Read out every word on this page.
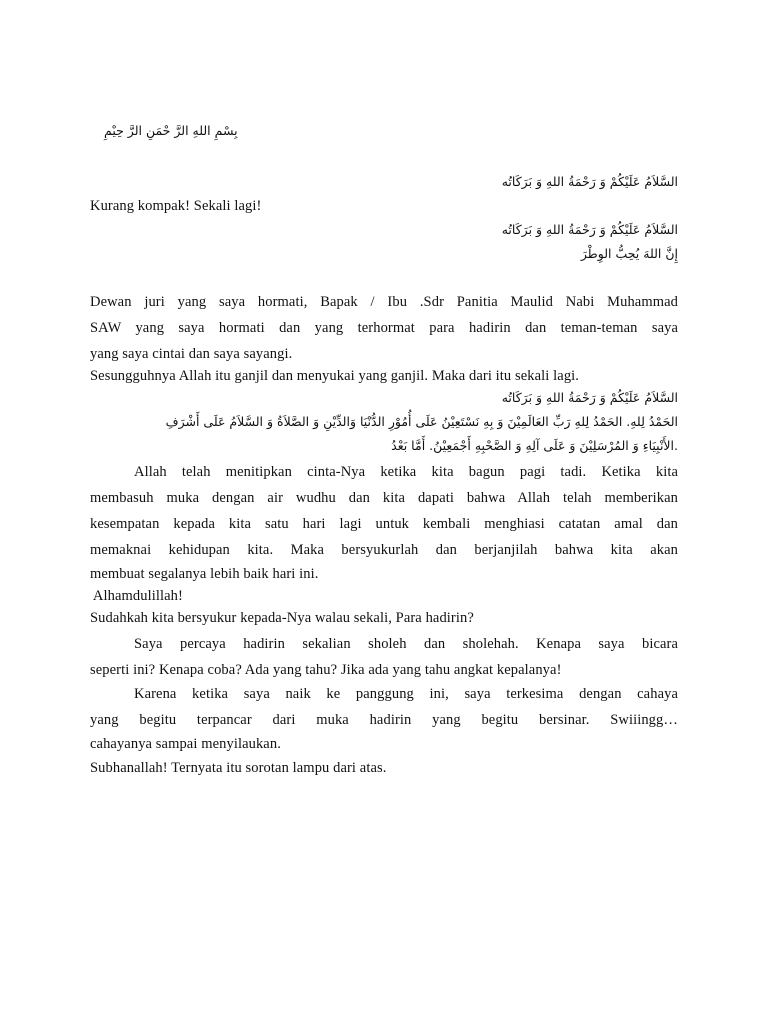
بِسْمِ اللهِ الرَّ حْمَنِ الرَّ حِيْمِ
السَّلاَمُ عَلَيْكُمْ وَ رَحْمَةُ اللهِ وَ بَرَكَاتُه
Kurang kompak! Sekali lagi!
السَّلاَمُ عَلَيْكُمْ وَ رَحْمَةُ اللهِ وَ بَرَكَاتُه
إِنَّ اللهَ يُحِبُّ الوِطْرَ
Dewan juri yang saya hormati, Bapak / Ibu .Sdr Panitia Maulid Nabi Muhammad
SAW yang saya hormati dan yang terhormat para hadirin dan teman-teman saya
yang saya cintai dan saya sayangi.
Sesungguhnya Allah itu ganjil dan menyukai yang ganjil. Maka dari itu sekali lagi.
السَّلاَمُ عَلَيْكُمْ وَ رَحْمَةُ اللهِ وَ بَرَكَاتُه
الحَمْدُ لِلهِ. الحَمْدُ لِلهِ رَبِّ العَالَمِيْنَ وَ بِهِ نَسْتَعِيْنُ عَلَى أُمُوْرِ الدُّنْيَا وَالدِّيْنِ وَ الصَّلاَةُ وَ السَّلاَمُ عَلَى أَشْرَفِ
.الأَنْبِيَاءِ وَ المُرْسَلِيْنَ وَ عَلَى آلِهِ وَ الصَّحْبِهِ أَجْمَعِيْنُ. أَمَّا بَعْدُ
Allah telah menitipkan cinta-Nya ketika kita bagun pagi tadi. Ketika kita
membasuh muka dengan air wudhu dan kita dapati bahwa Allah telah memberikan
kesempatan kepada kita satu hari lagi untuk kembali menghiasi catatan amal dan
memaknai kehidupan kita. Maka bersyukurlah dan berjanjilah bahwa kita akan
membuat segalanya lebih baik hari ini.
Alhamdulillah!
Sudahkah kita bersyukur kepada-Nya walau sekali, Para hadirin?
Saya percaya hadirin sekalian sholeh dan sholehah. Kenapa saya bicara
seperti ini? Kenapa coba? Ada yang tahu? Jika ada yang tahu angkat kepalanya!
Karena ketika saya naik ke panggung ini, saya terkesima dengan cahaya
yang begitu terpancar dari muka hadirin yang begitu bersinar. Swiiingg…
cahayanya sampai menyilaukan.
Subhanallah! Ternyata itu sorotan lampu dari atas.
